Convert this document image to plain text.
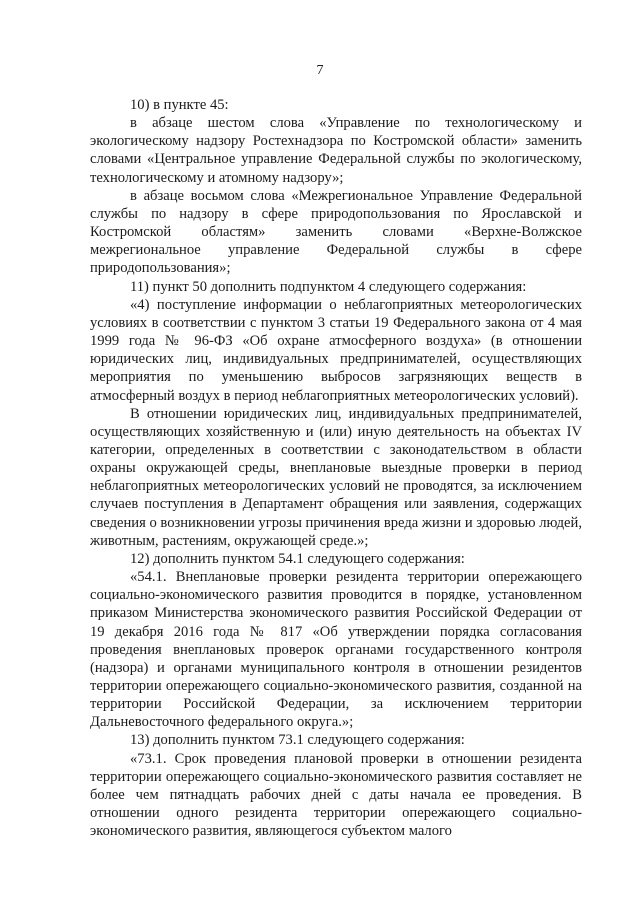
7

10) в пункте 45:

в абзаце шестом слова «Управление по технологическому и экологическому надзору Ростехнадзора по Костромской области» заменить словами «Центральное управление Федеральной службы по экологическому, технологическому и атомному надзору»;

в абзаце восьмом слова «Межрегиональное Управление Федеральной службы по надзору в сфере природопользования по Ярославской и Костромской областям» заменить словами «Верхне-Волжское межрегиональное управление Федеральной службы в сфере природопользования»;

11) пункт 50 дополнить подпунктом 4 следующего содержания:

«4) поступление информации о неблагоприятных метеорологических условиях в соответствии с пунктом 3 статьи 19 Федерального закона от 4 мая 1999 года № 96-ФЗ «Об охране атмосферного воздуха» (в отношении юридических лиц, индивидуальных предпринимателей, осуществляющих мероприятия по уменьшению выбросов загрязняющих веществ в атмосферный воздух в период неблагоприятных метеорологических условий).

В отношении юридических лиц, индивидуальных предпринимателей, осуществляющих хозяйственную и (или) иную деятельность на объектах IV категории, определенных в соответствии с законодательством в области охраны окружающей среды, внеплановые выездные проверки в период неблагоприятных метеорологических условий не проводятся, за исключением случаев поступления в Департамент обращения или заявления, содержащих сведения о возникновении угрозы причинения вреда жизни и здоровью людей, животным, растениям, окружающей среде.»;

12) дополнить пунктом 54.1 следующего содержания:

«54.1. Внеплановые проверки резидента территории опережающего социально-экономического развития проводится в порядке, установленном приказом Министерства экономического развития Российской Федерации от 19 декабря 2016 года № 817 «Об утверждении порядка согласования проведения внеплановых проверок органами государственного контроля (надзора) и органами муниципального контроля в отношении резидентов территории опережающего социально-экономического развития, созданной на территории Российской Федерации, за исключением территории Дальневосточного федерального округа.»;

13) дополнить пунктом 73.1 следующего содержания:

«73.1. Срок проведения плановой проверки в отношении резидента территории опережающего социально-экономического развития составляет не более чем пятнадцать рабочих дней с даты начала ее проведения. В отношении одного резидента территории опережающего социально-экономического развития, являющегося субъектом малого
